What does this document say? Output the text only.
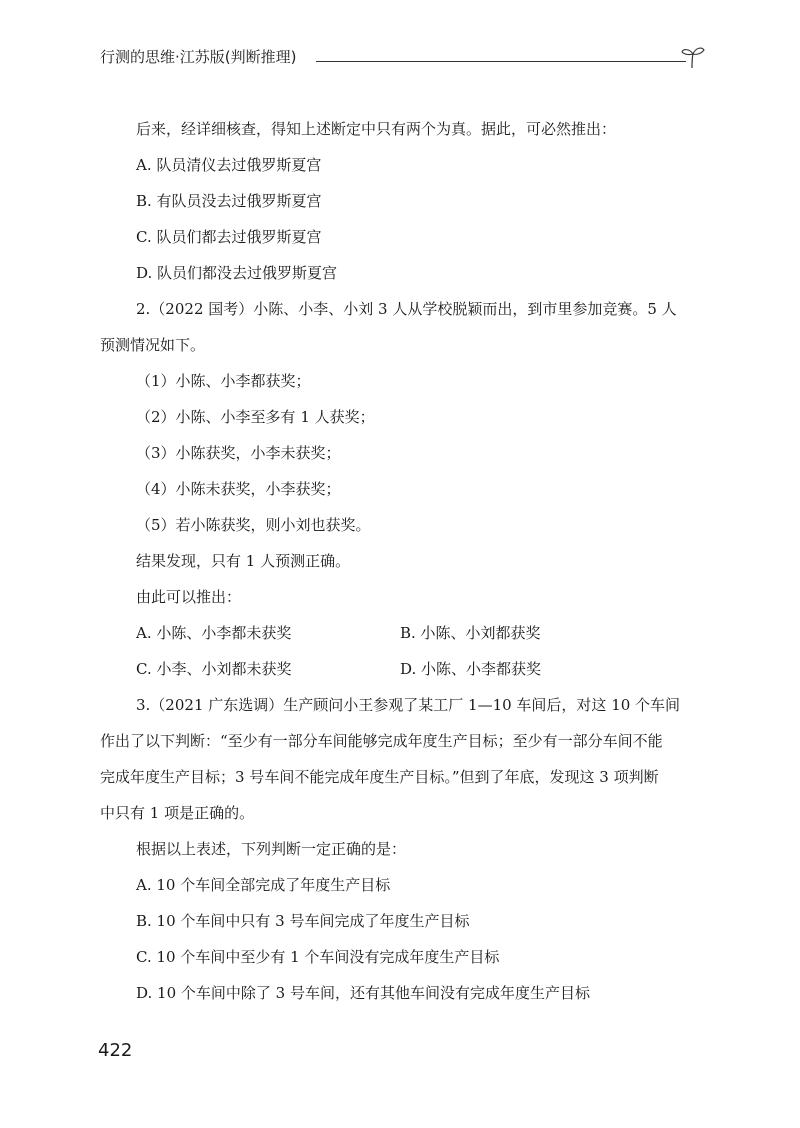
行测的思维·江苏版(判断推理)
后来，经详细核查，得知上述断定中只有两个为真。据此，可必然推出：
A. 队员清仪去过俄罗斯夏宫
B. 有队员没去过俄罗斯夏宫
C. 队员们都去过俄罗斯夏宫
D. 队员们都没去过俄罗斯夏宫
2.（2022 国考）小陈、小李、小刘 3 人从学校脱颖而出，到市里参加竞赛。5 人
预测情况如下。
（1）小陈、小李都获奖；
（2）小陈、小李至多有 1 人获奖；
（3）小陈获奖，小李未获奖；
（4）小陈未获奖，小李获奖；
（5）若小陈获奖，则小刘也获奖。
结果发现，只有 1 人预测正确。
由此可以推出：
A. 小陈、小李都未获奖	B. 小陈、小刘都获奖
C. 小李、小刘都未获奖	D. 小陈、小李都获奖
3.（2021 广东选调）生产顾问小王参观了某工厂 1—10 车间后，对这 10 个车间
作出了以下判断：“至少有一部分车间能够完成年度生产目标；至少有一部分车间不能
完成年度生产目标；3 号车间不能完成年度生产目标。”但到了年底，发现这 3 项判断
中只有 1 项是正确的。
根据以上表述，下列判断一定正确的是：
A. 10 个车间全部完成了年度生产目标
B. 10 个车间中只有 3 号车间完成了年度生产目标
C. 10 个车间中至少有 1 个车间没有完成年度生产目标
D. 10 个车间中除了 3 号车间，还有其他车间没有完成年度生产目标
422
